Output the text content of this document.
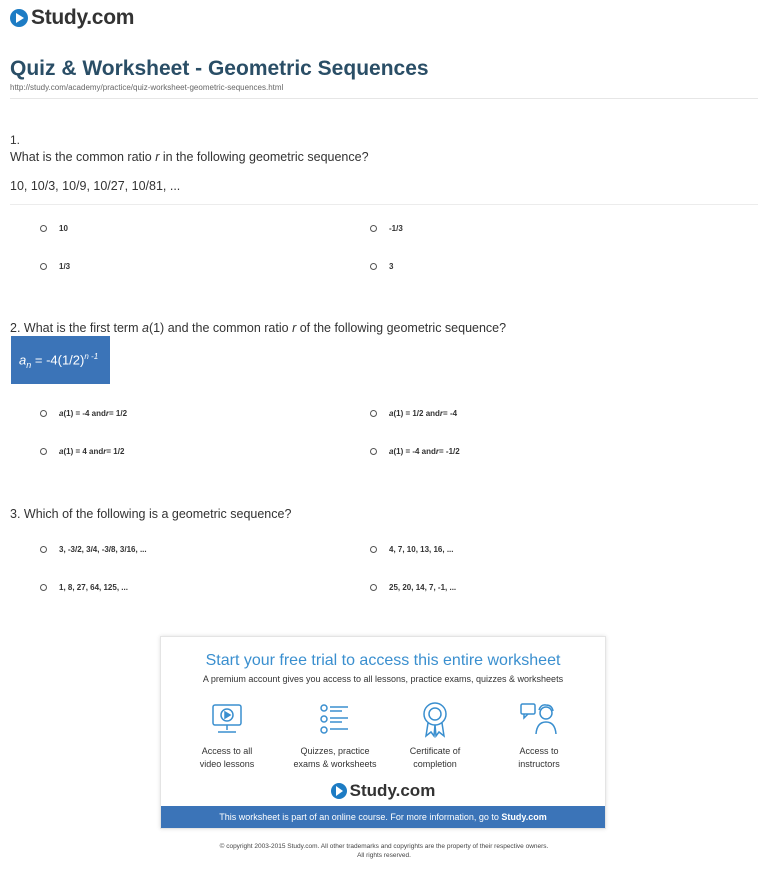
Study.com
Quiz & Worksheet - Geometric Sequences
http://study.com/academy/practice/quiz-worksheet-geometric-sequences.html
1.
What is the common ratio r in the following geometric sequence?
10, 10/3, 10/9, 10/27, 10/81, ...
10	-1/3
1/3	3
2. What is the first term a(1) and the common ratio r of the following geometric sequence?
$a_n = -4(1/2)^{n -1}$
a (1) = -4 and r = 1/2	a (1) = 1/2 and r = -4
a (1) = 4 and r = 1/2	a (1) = -4 and r = -1/2
3. Which of the following is a geometric sequence?
3, -3/2, 3/4, -3/8, 3/16, ...	4, 7, 10, 13, 16, ...
1, 8, 27, 64, 125, ...	25, 20, 14, 7, -1, ...
Start your free trial to access this entire worksheet
A premium account gives you access to all lessons, practice exams, quizzes & worksheets
Access to all
video lessons
Quizzes, practice
exams & worksheets
Certificate of
completion
Access to
instructors
Study.com
This worksheet is part of an online course. For more information, go to Study.com
© copyright 2003-2015 Study.com. All other trademarks and copyrights are the property of their respective owners.
All rights reserved.
